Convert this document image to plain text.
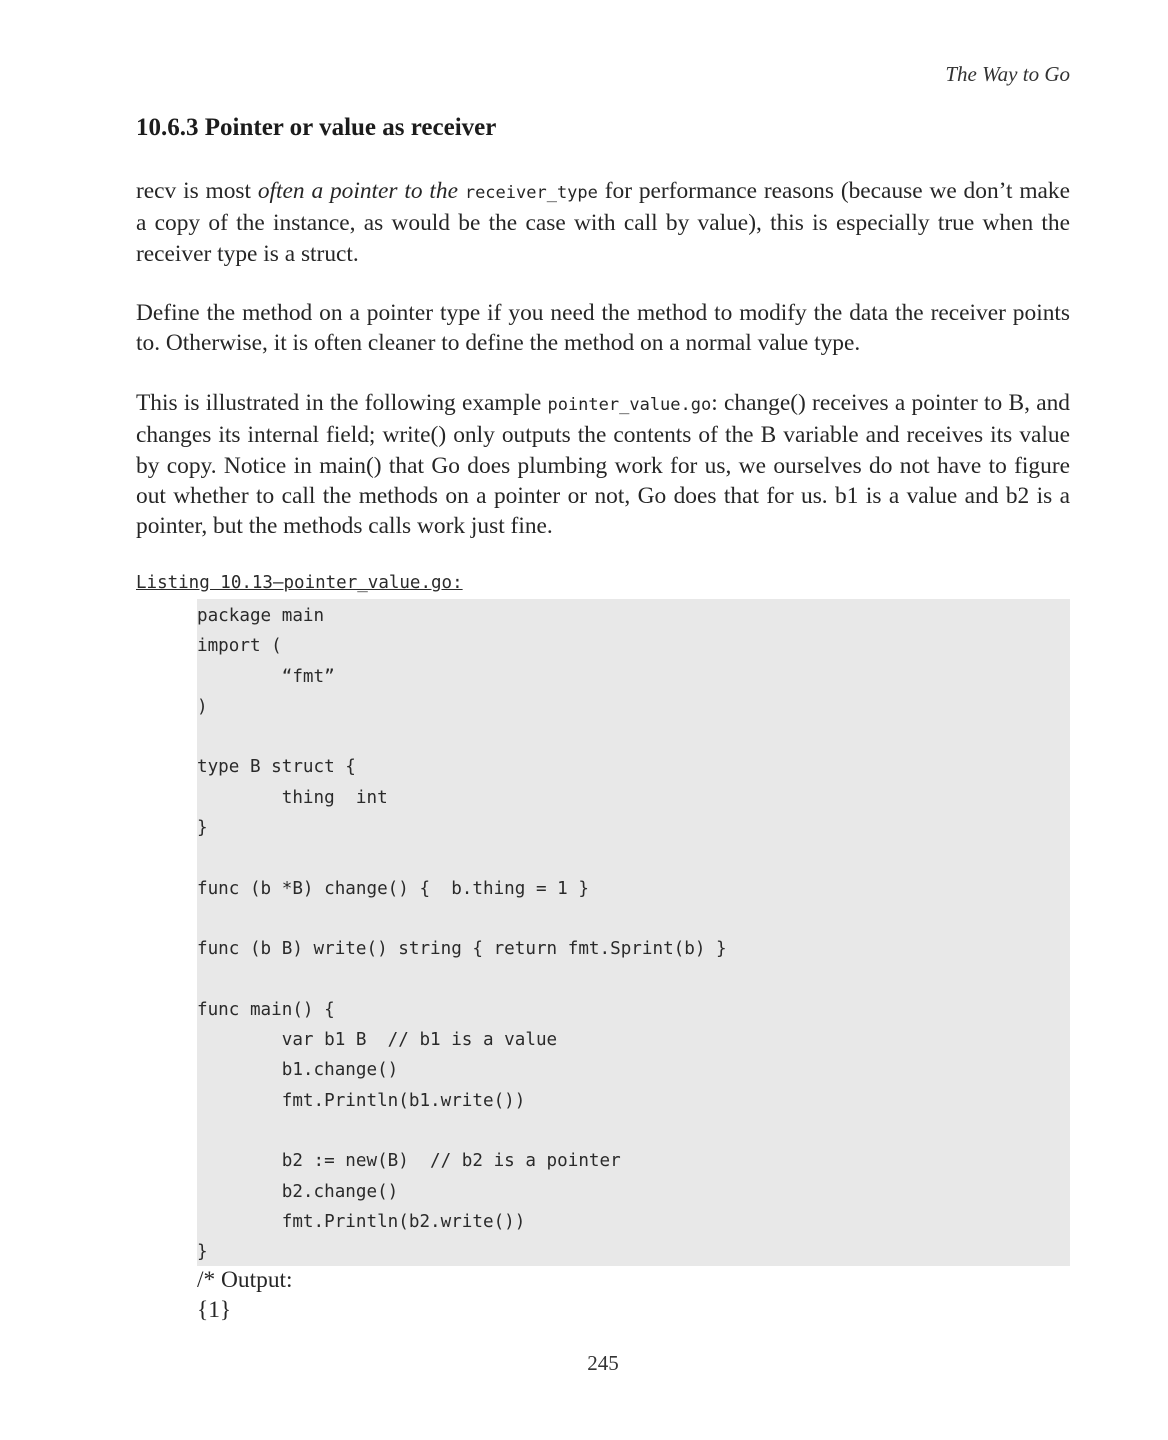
The Way to Go
10.6.3 Pointer or value as receiver

recv is most often a pointer to the receiver_type for performance reasons (because we don’t make a copy of the instance, as would be the case with call by value), this is especially true when the receiver type is a struct.

Define the method on a pointer type if you need the method to modify the data the receiver points to. Otherwise, it is often cleaner to define the method on a normal value type.

This is illustrated in the following example pointer_value.go: change() receives a pointer to B, and changes its internal field; write() only outputs the contents of the B variable and receives its value by copy. Notice in main() that Go does plumbing work for us, we ourselves do not have to figure out whether to call the methods on a pointer or not, Go does that for us. b1 is a value and b2 is a pointer, but the methods calls work just fine.

Listing 10.13—pointer_value.go:
package main
import (
“fmt”
)
type B struct {
thing  int
}
func (b *B) change() {  b.thing = 1 }
func (b B) write() string { return fmt.Sprint(b) }
func main() {
var b1 B  // b1 is a value
b1.change()
fmt.Println(b1.write())
b2 := new(B)  // b2 is a pointer
b2.change()
fmt.Println(b2.write())
}
/* Output:
{1}
245
